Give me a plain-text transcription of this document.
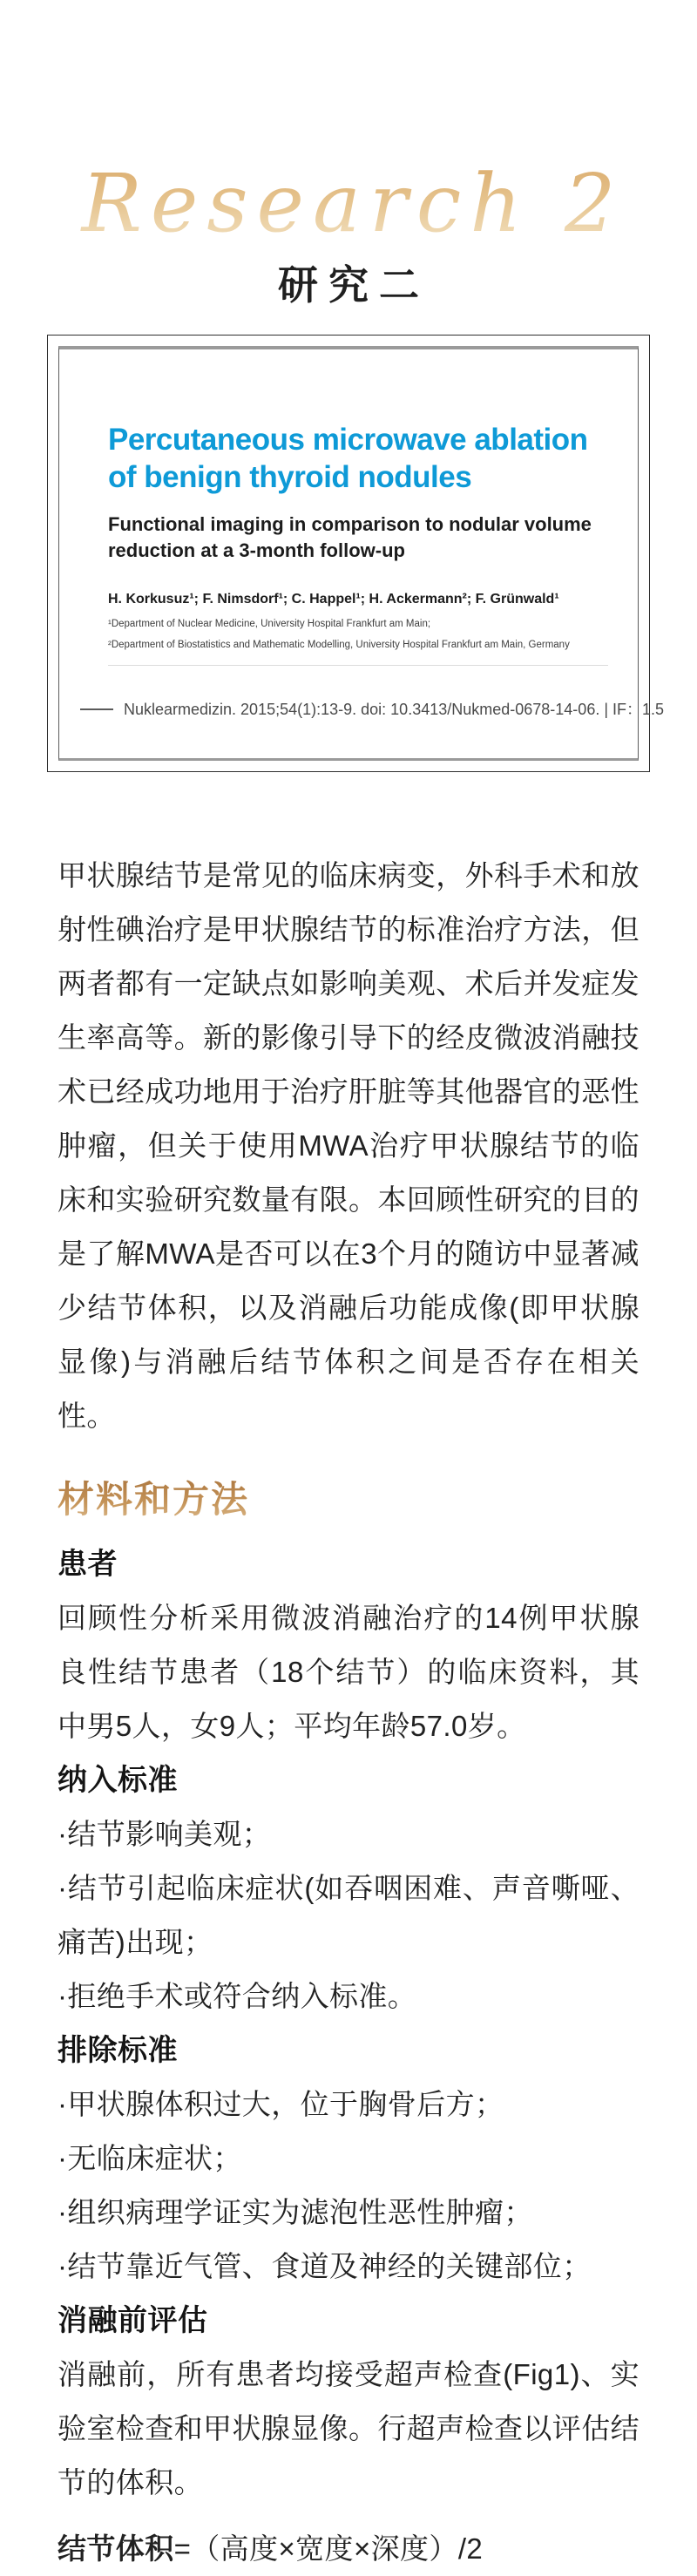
Research 2
研究二
Percutaneous microwave ablation
of benign thyroid nodules
Functional imaging in comparison to nodular volume
reduction at a 3-month follow-up
H. Korkusuz¹; F. Nimsdorf¹; C. Happel¹; H. Ackermann²; F. Grünwald¹
¹Department of Nuclear Medicine, University Hospital Frankfurt am Main;
²Department of Biostatistics and Mathematic Modelling, University Hospital Frankfurt am Main, Germany
Nuklearmedizin. 2015;54(1):13-9. doi: 10.3413/Nukmed-0678-14-06. | IF：1.5

甲状腺结节是常见的临床病变，外科手术和放射性碘治疗是甲状腺结节的标准治疗方法，但两者都有一定缺点如影响美观、术后并发症发生率高等。新的影像引导下的经皮微波消融技术已经成功地用于治疗肝脏等其他器官的恶性肿瘤，但关于使用MWA治疗甲状腺结节的临床和实验研究数量有限。本回顾性研究的目的是了解MWA是否可以在3个月的随访中显著减少结节体积，以及消融后功能成像(即甲状腺显像)与消融后结节体积之间是否存在相关性。

材料和方法
患者

回顾性分析采用微波消融治疗的14例甲状腺良性结节患者（18个结节）的临床资料，其中男5人，女9人；平均年龄57.0岁。

纳入标准

·结节影响美观；

·结节引起临床症状(如吞咽困难、声音嘶哑、痛苦)出现；

·拒绝手术或符合纳入标准。

排除标准

·甲状腺体积过大，位于胸骨后方；

·无临床症状；

·组织病理学证实为滤泡性恶性肿瘤；

·结节靠近气管、食道及神经的关键部位；

消融前评估

消融前，所有患者均接受超声检查(Fig1)、实验室检查和甲状腺显像。行超声检查以评估结节的体积。

结节体积=（高度×宽度×深度）/2
